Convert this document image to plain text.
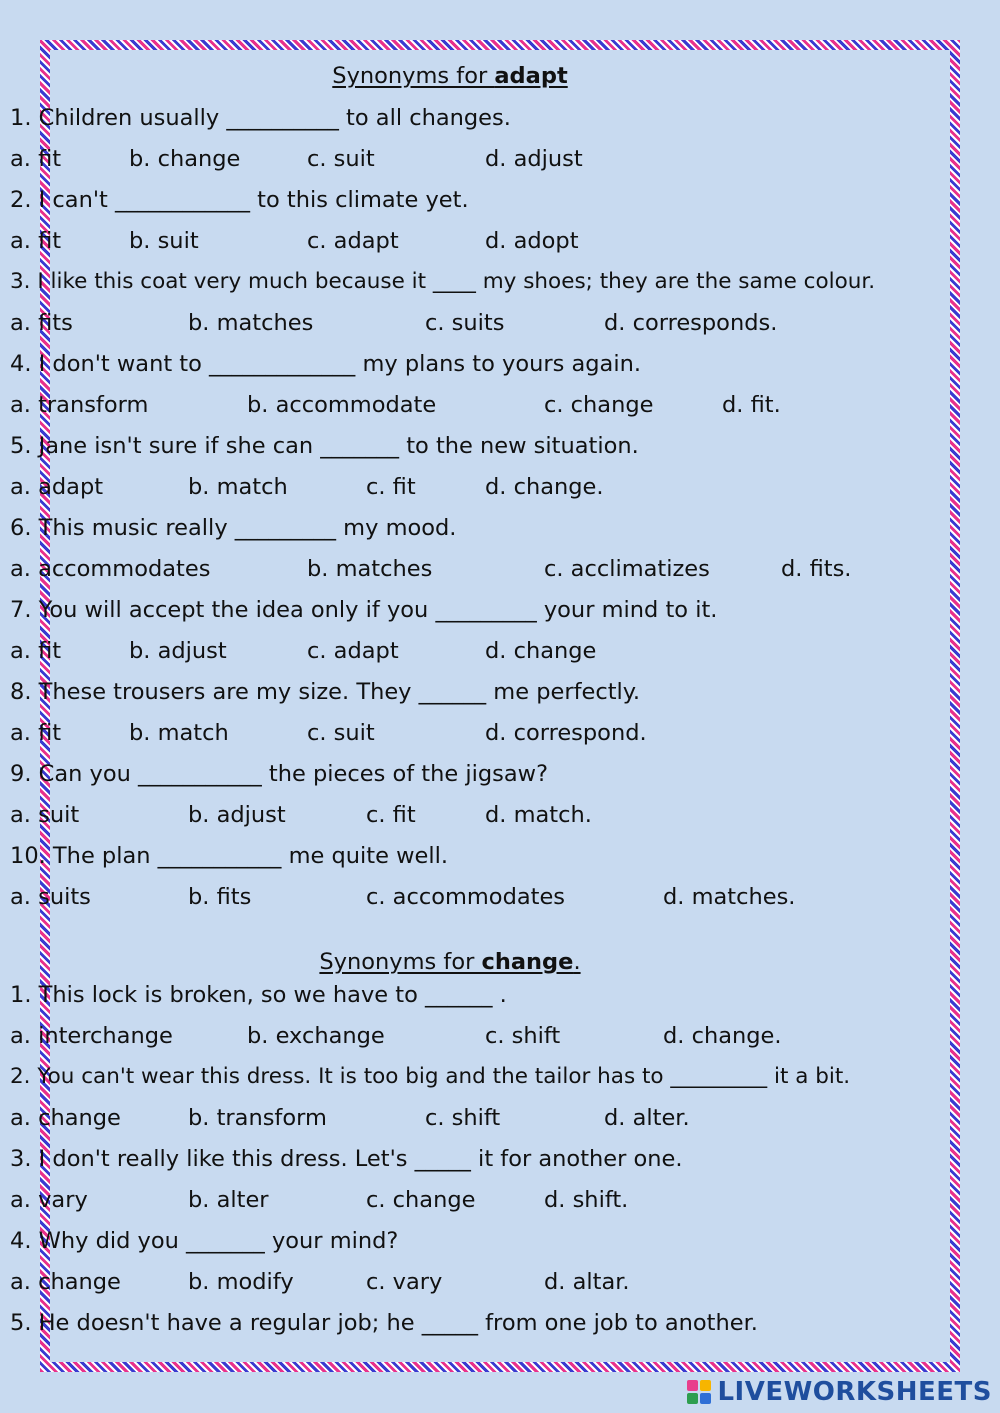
Synonyms for adapt
1. Children usually __________ to all changes.
a. fit	b. change	c. suit	d. adjust
2. I can't ____________ to this climate yet.
a. fit	b. suit	c. adapt	d. adopt
3. I like this coat very much because it ____ my shoes; they are the same colour.
a. fits	b. matches	c. suits	d. corresponds.
4. I don't want to _____________ my plans to yours again.
a. transform	b. accommodate	c. change	d. fit.
5. Jane isn't sure if she can _______ to the new situation.
a. adapt	b. match	c. fit	d. change.
6. This music really _________ my mood.
a. accommodates	b. matches	c. acclimatizes	d. fits.
7. You will accept the idea only if you _________ your mind to it.
a. fit	b. adjust	c. adapt	d. change
8. These trousers are my size. They ______ me perfectly.
a. fit	b. match	c. suit	d. correspond.
9. Can you ___________ the pieces of the jigsaw?
a. suit	b. adjust	c. fit	d. match.
10. The plan ___________ me quite well.
a. suits	b. fits	c. accommodates	d. matches.
Synonyms for change.
1. This lock is broken, so we have to ______ .
a. interchange	b. exchange	c. shift	d. change.
2. You can't wear this dress. It is too big and the tailor has to _________ it a bit.
a. change	b. transform	c. shift	d. alter.
3. I don't really like this dress. Let's _____ it for another one.
a. vary	b. alter	c. change	d. shift.
4. Why did you _______ your mind?
a. change	b. modify	c. vary	d. altar.
5. He doesn't have a regular job; he _____ from one job to another.
LIVEWORKSHEETS
